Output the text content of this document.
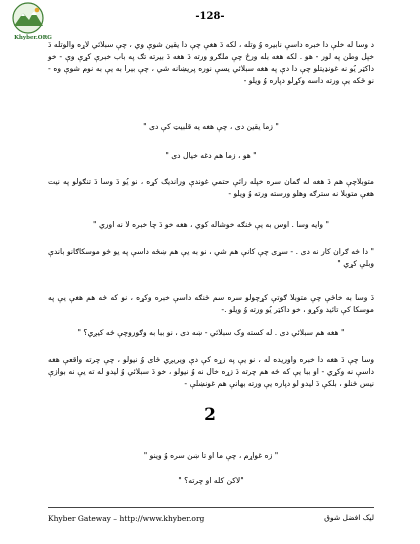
Khyber.ORG
-128-
د وسا له خلې دا خبره داسې نابيره وُ وتله ، لکه دَ هغې چې دا يقين شوې وي ، چې سبلائي لاړه والوتله دَ خپل وطن په لور - هو . لکه هغه بله ورځ چې ملګرو ورته دَ هغه دَ بيرته تګ په باب خبرې کړې وې - خو داکټر يُو نه غونډيتلو چې دا دې په هغه سبلائي يسې نوره پريښانه شي ، چې بيرا به يې به نوم شوې وه - نو ځکه يې ورته داسه وکړلو دپاره وُ ويلو -
" زما يقين دی ، چې هغه يه قلبيټ کې دی "
" هو ، زما هم دغه خيال دی "
متوبلاچې هم دَ هغه له ګمان سره خپله رائې حتمي غوندې ورانديګ کړه ، نو يُو دَ وسا دَ تنګولو په نيت هغې متوبلا نه سترګه وهلو ورسته ورته وُ ويلو -
" وايه وسا . اوس به يې ځنګه خوشاله کوي ، هغه خو دَ چا خبره لا نه اوري "
" دا څه ګران کار نه دی . - سړی چې کانې هم شي ، نو به يې هم ښځه داسې په يو څو موسکاګانو باندې وبلې کړي "
دَ وسا به خاځې چې متوبلا ګوتې کړچولو سره سم ځنګه داسې خبره وکړه ، نو که څه هم هغې يې په موسکا کې تائيد وکړو ، خو داکټر يُو ورته وُ ويلو .-
" هغه هم سبلائي دی . له کسته وک سبلائي - ښه دی ، نو ببا به وګوروچې څه کيږي؟ "
وسا چې دَ هغه دا خبره واوريده له ، نو يې په زړه کې دې ويريږي ځای وُ نيولو ، چې چرته واقعې هغه داسې نه وکړي - او ببا يې که څه هم چرته دَ زړه خال نه وُ نيولو ، خو دَ سبلائي وُ ليدو له ته يې نه بوازې نيس څنلو ، بلکې دَ ليدو لو دپاره يې ورته بهانې هم غونښلې -
2
" زه غواړم ، چې ما او تا ښن سره وُ وينو "
"لاکن کله او چرته؟ "
Khyber Gateway – http://www.khyber.org	ليک افضل شوق
